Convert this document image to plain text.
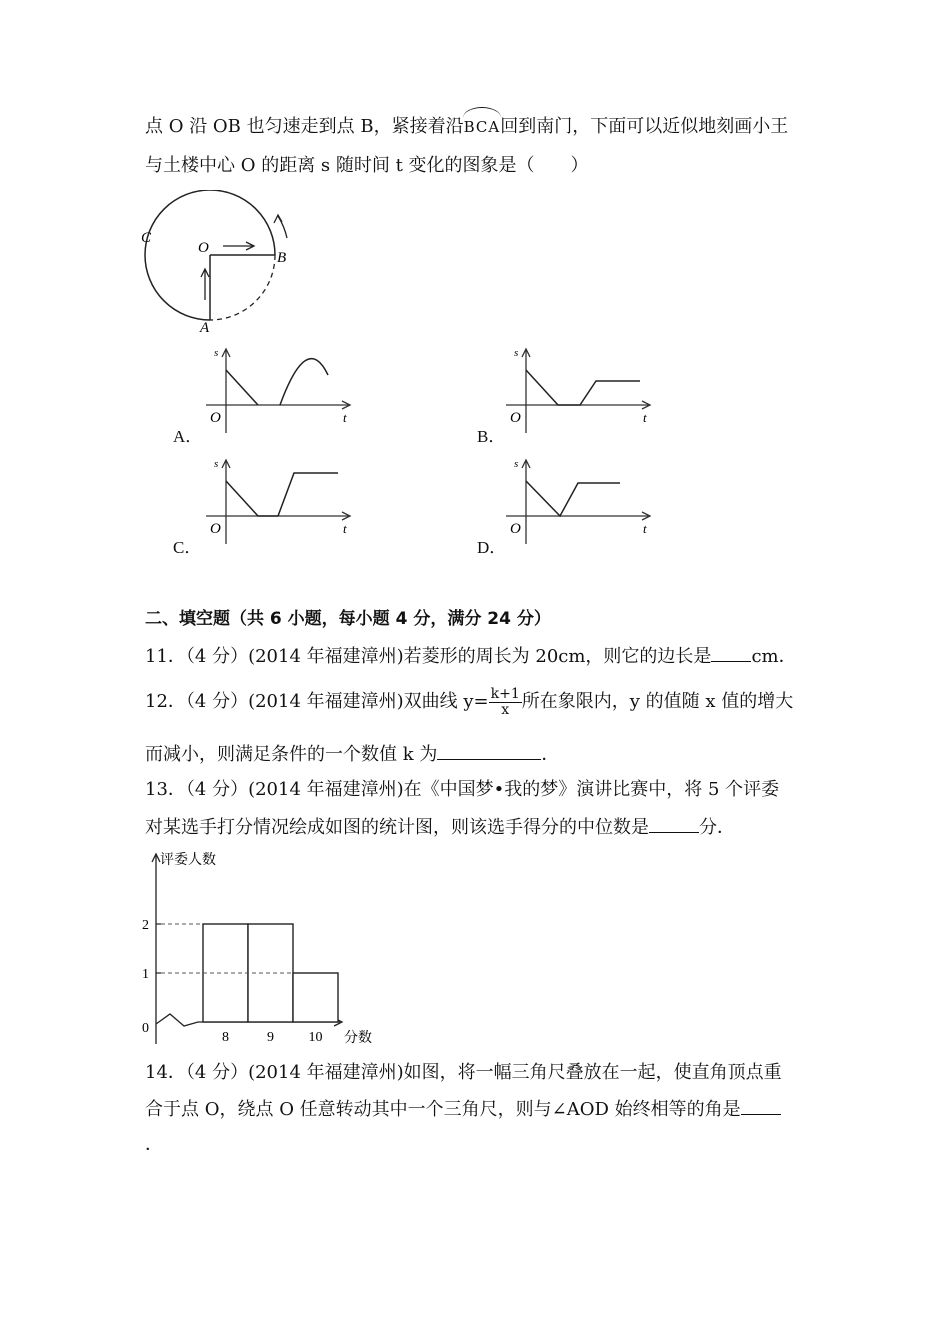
点 O 沿 OB 也匀速走到点 B，紧接着沿BCA回到南门，下面可以近似地刻画小王
与土楼中心 O 的距离 s 随时间 t 变化的图象是（　　）
C
O
B
A
s
O	t
A．
s
O	t
B．
s
O	t
C．
s
O	t
D．
二、填空题（共 6 小题，每小题 4 分，满分 24 分）
11．（4 分）(2014 年福建漳州)若菱形的周长为 20cm，则它的边长是 cm．
12．（4 分）(2014 年福建漳州)双曲线 $y= \frac{k+1}{x}$ 所在象限内，y 的值随 x 值的增大
而减小，则满足条件的一个数值 k 为	．
13．（4 分）(2014 年福建漳州)在《中国梦•我的梦》演讲比赛中，将 5 个评委
对某选手打分情况绘成如图的统计图，则该选手得分的中位数是	分．
评委人数
分数
0
1
2
8	9 10
14．（4 分）(2014 年福建漳州)如图，将一幅三角尺叠放在一起，使直角顶点重
合于点 O，绕点 O 任意转动其中一个三角尺，则与∠AOD 始终相等的角是
．
